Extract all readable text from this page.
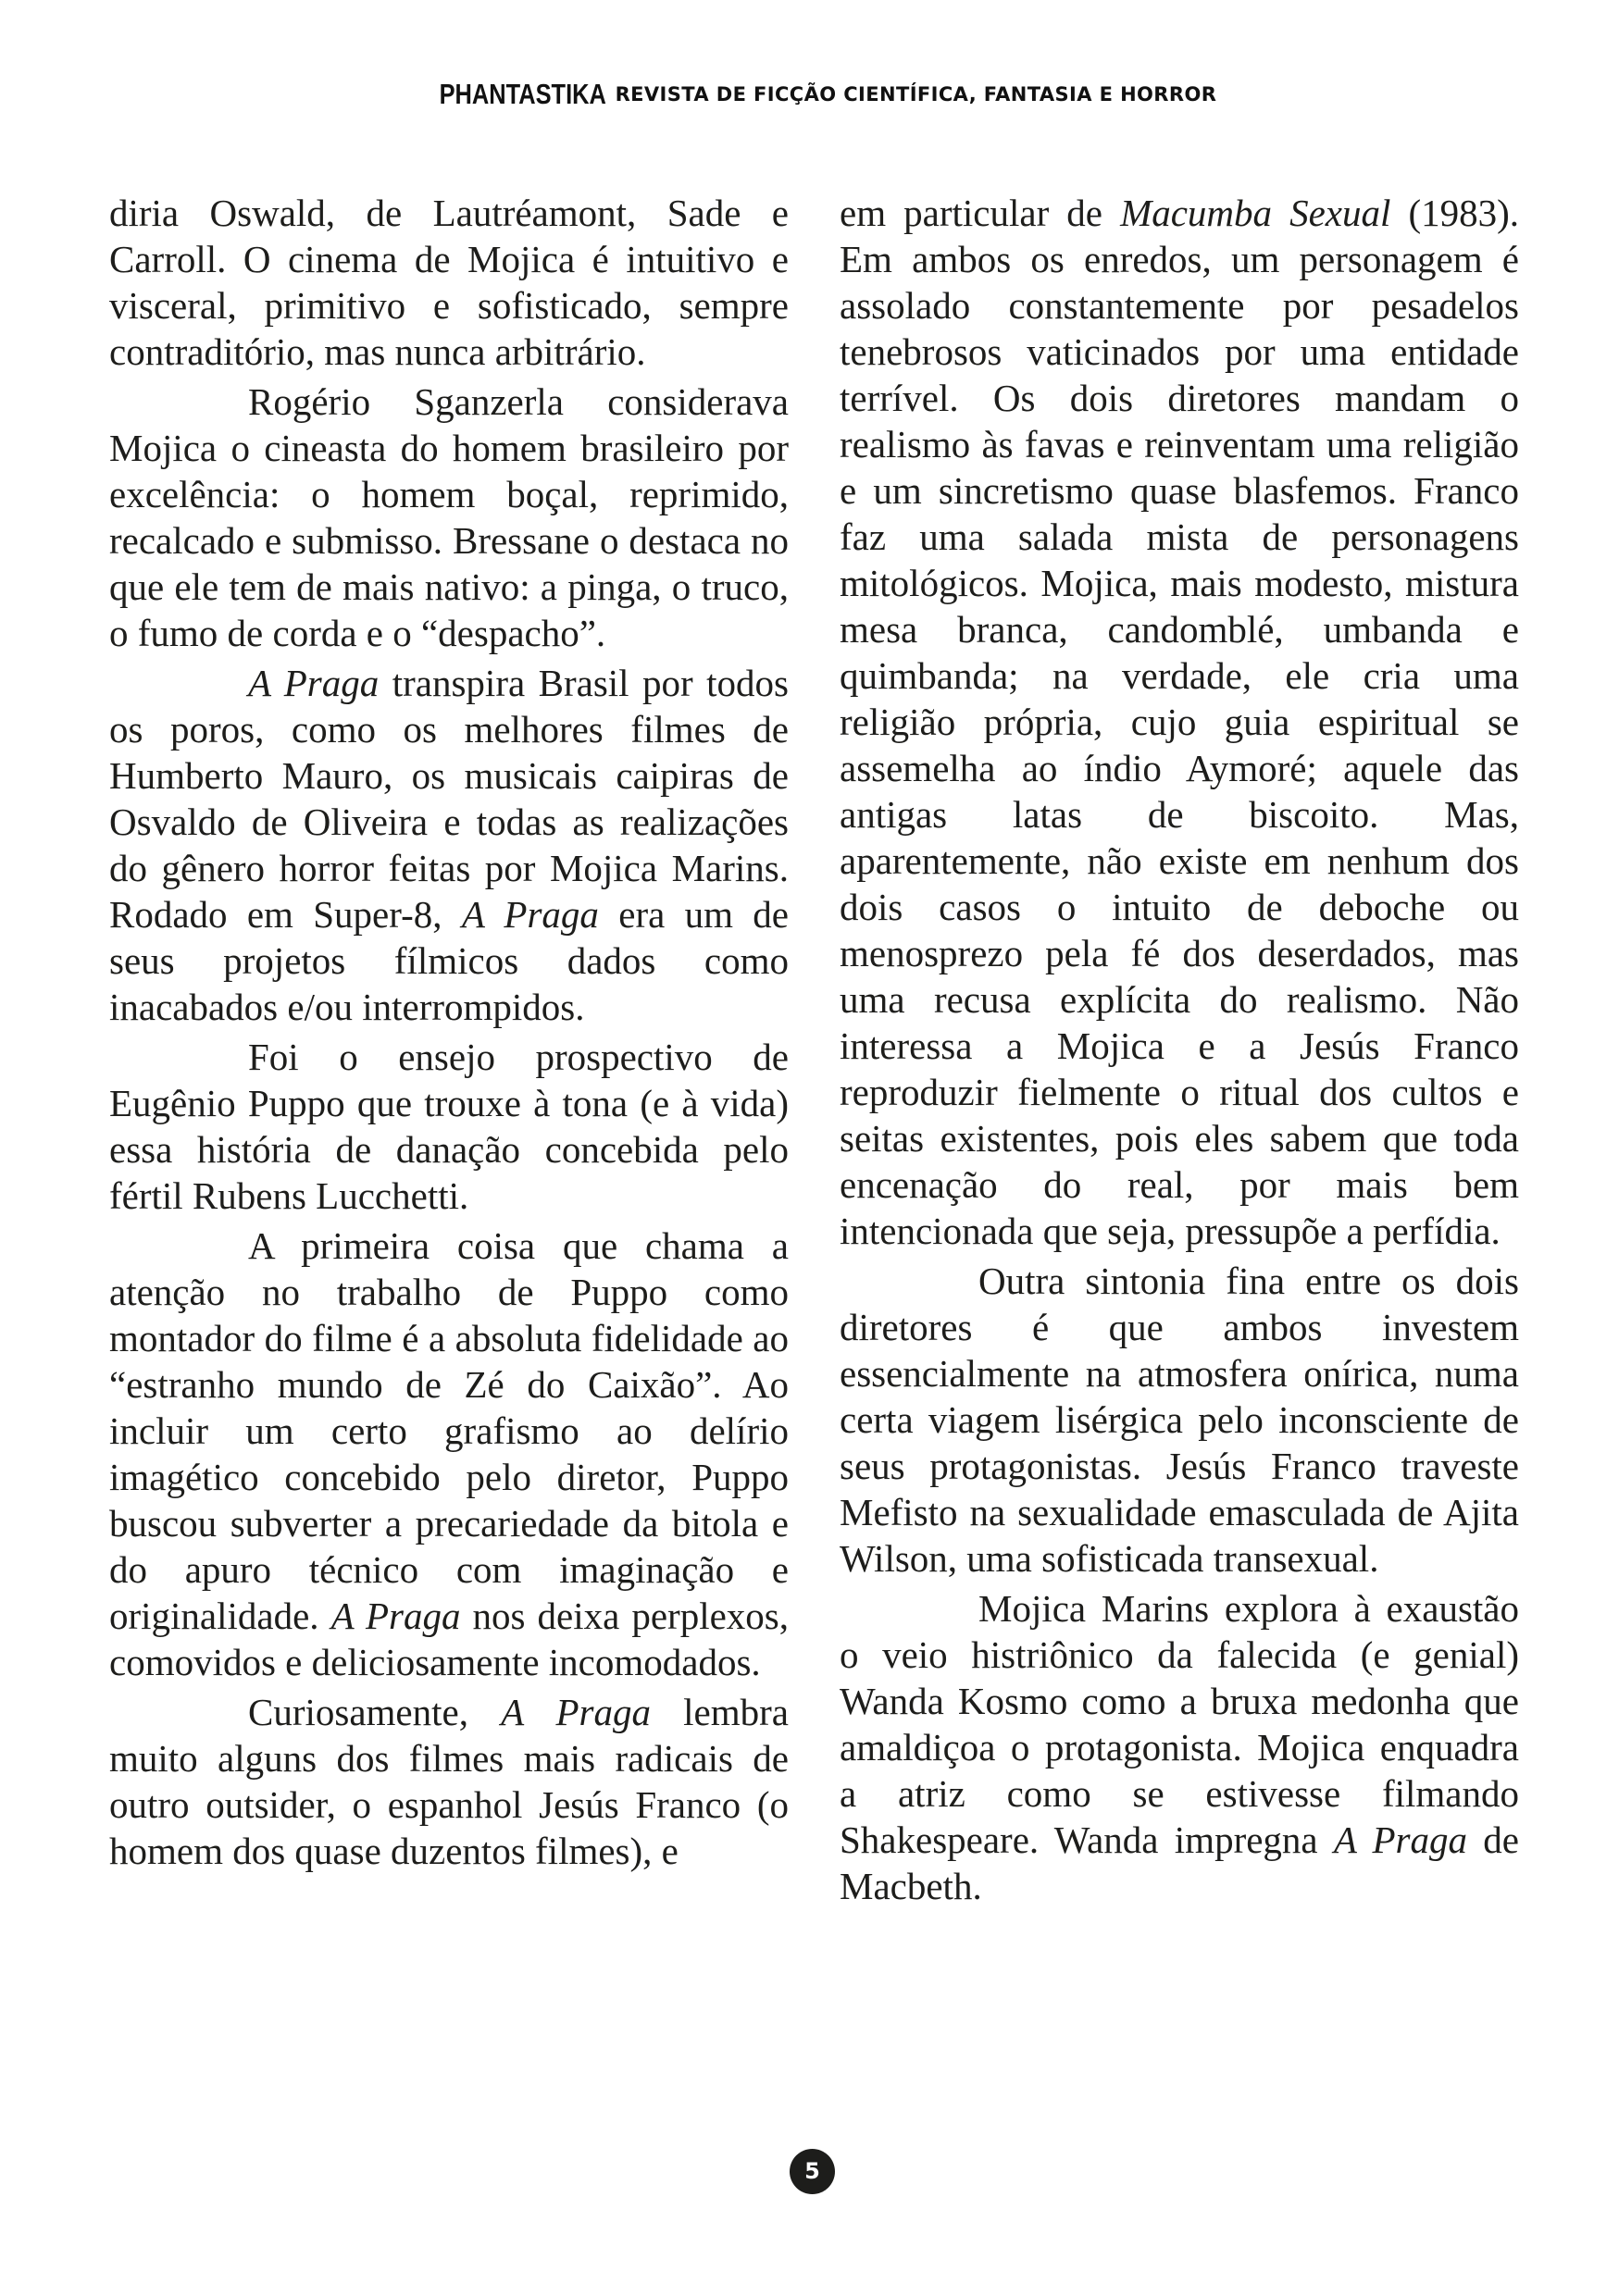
PHANTASTIKA REVISTA DE FICÇÃO CIENTÍFICA, FANTASIA E HORROR

diria Oswald, de Lautréamont, Sade e Carroll. O cinema de Mojica é intuitivo e visceral, primitivo e sofisticado, sempre contraditório, mas nunca arbitrário.

Rogério Sganzerla considerava Mojica o cineasta do homem brasileiro por excelência: o homem boçal, reprimido, recalcado e submisso. Bressane o destaca no que ele tem de mais nativo: a pinga, o truco, o fumo de corda e o “despacho”.

A Praga transpira Brasil por todos os poros, como os melhores filmes de Humberto Mauro, os musicais caipiras de Osvaldo de Oliveira e todas as realizações do gênero horror feitas por Mojica Marins. Rodado em Super-8, A Praga era um de seus projetos fílmicos dados como inacabados e/ou interrompidos.

Foi o ensejo prospectivo de Eugênio Puppo que trouxe à tona (e à vida) essa história de danação concebida pelo fértil Rubens Lucchetti.

A primeira coisa que chama a atenção no trabalho de Puppo como montador do filme é a absoluta fidelidade ao “estranho mundo de Zé do Caixão”. Ao incluir um certo grafismo ao delírio imagético concebido pelo diretor, Puppo buscou subverter a precariedade da bitola e do apuro técnico com imaginação e originalidade. A Praga nos deixa perplexos, comovidos e deliciosamente incomodados.

Curiosamente, A Praga lembra muito alguns dos filmes mais radicais de outro outsider, o espanhol Jesús Franco (o homem dos quase duzentos filmes), e

em particular de Macumba Sexual (1983). Em ambos os enredos, um personagem é assolado constantemente por pesadelos tenebrosos vaticinados por uma entidade terrível. Os dois diretores mandam o realismo às favas e reinventam uma religião e um sincretismo quase blasfemos. Franco faz uma salada mista de personagens mitológicos. Mojica, mais modesto, mistura mesa branca, candomblé, umbanda e quimbanda; na verdade, ele cria uma religião própria, cujo guia espiritual se assemelha ao índio Aymoré; aquele das antigas latas de biscoito. Mas, aparentemente, não existe em nenhum dos dois casos o intuito de deboche ou menosprezo pela fé dos deserdados, mas uma recusa explícita do realismo. Não interessa a Mojica e a Jesús Franco reproduzir fielmente o ritual dos cultos e seitas existentes, pois eles sabem que toda encenação do real, por mais bem intencionada que seja, pressupõe a perfídia.

Outra sintonia fina entre os dois diretores é que ambos investem essencialmente na atmosfera onírica, numa certa viagem lisérgica pelo inconsciente de seus protagonistas. Jesús Franco traveste Mefisto na sexualidade emasculada de Ajita Wilson, uma sofisticada transexual.

Mojica Marins explora à exaustão o veio histriônico da falecida (e genial) Wanda Kosmo como a bruxa medonha que amaldiçoa o protagonista. Mojica enquadra a atriz como se estivesse filmando Shakespeare. Wanda impregna A Praga de Macbeth.

5
